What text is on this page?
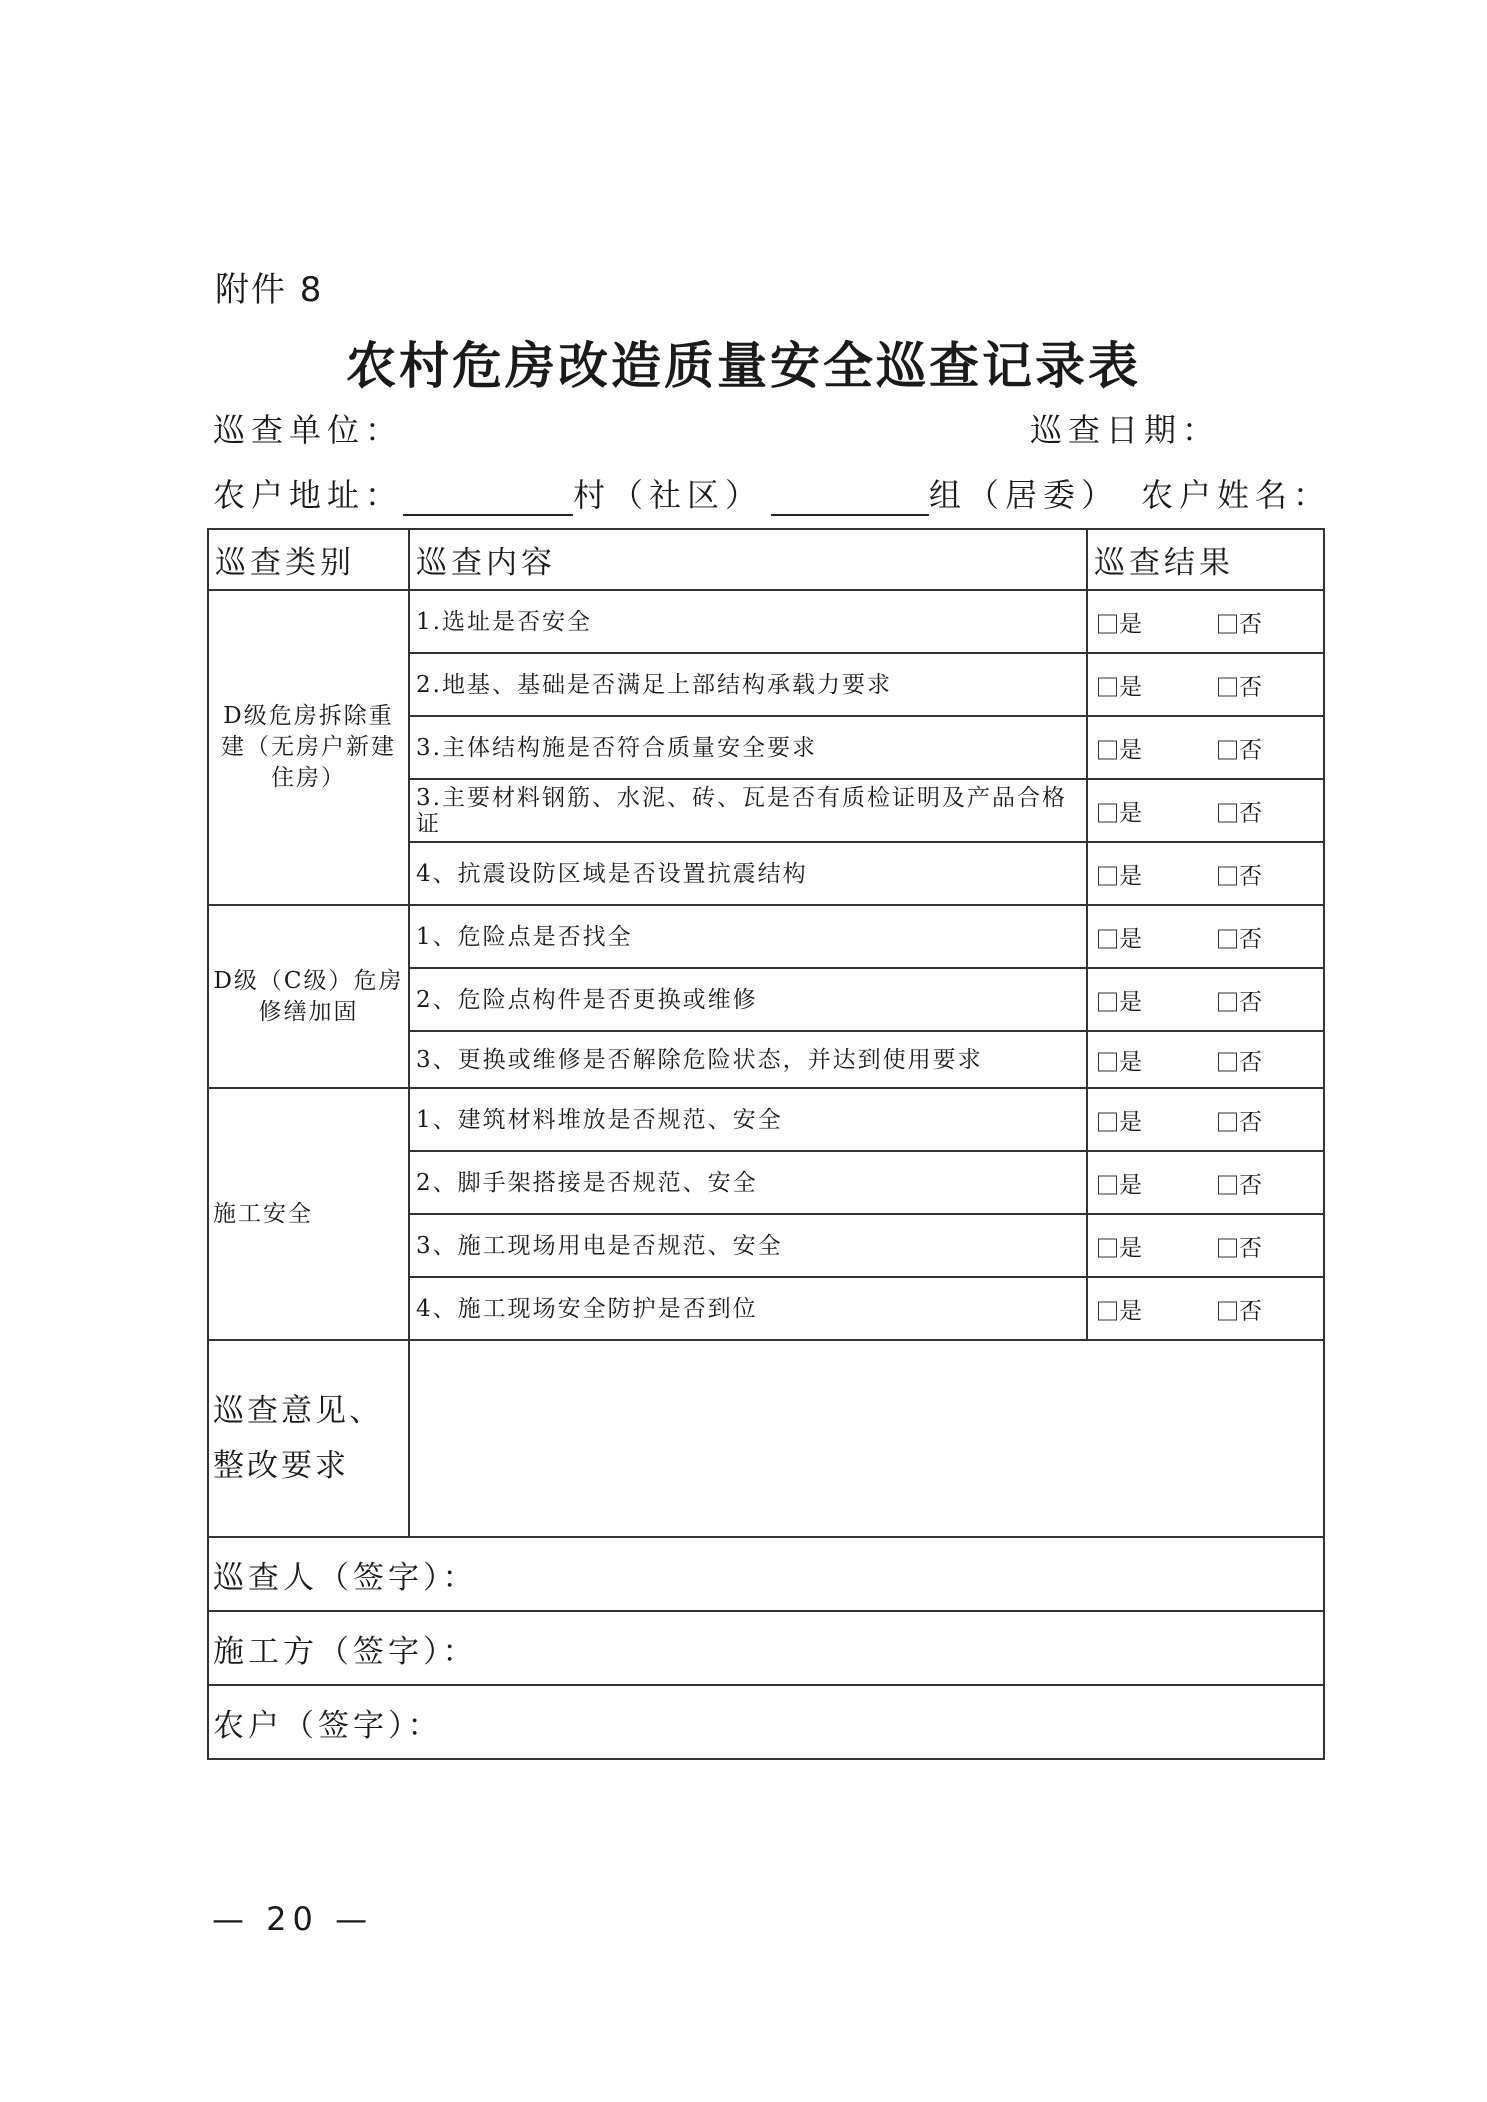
附件 8
农村危房改造质量安全巡查记录表
巡查单位：	巡查日期：
农户地址：	村（社区）	组（居委） 农户姓名：
巡查类别	巡查内容	巡查结果
D级危房拆除重建（无房户新建住房）	1.选址是否安全	是 否

	2.地基、基础是否满足上部结构承载力要求	是 否

	3.主体结构施是否符合质量安全要求	是 否

	3.主要材料钢筋、水泥、砖、瓦是否有质检证明及产品合格证	是 否

	4、抗震设防区域是否设置抗震结构	是 否

D级（C级）危房修缮加固	1、危险点是否找全	是 否

	2、危险点构件是否更换或维修	是 否

	3、更换或维修是否解除危险状态，并达到使用要求	是 否

施工安全	1、建筑材料堆放是否规范、安全	是 否

	2、脚手架搭接是否规范、安全	是 否

	3、施工现场用电是否规范、安全	是 否

	4、施工现场安全防护是否到位	是 否

巡查意见、整改要求		
巡查人（签字）：		
施工方（签字）：		
农户（签字）：		
— 20 —
